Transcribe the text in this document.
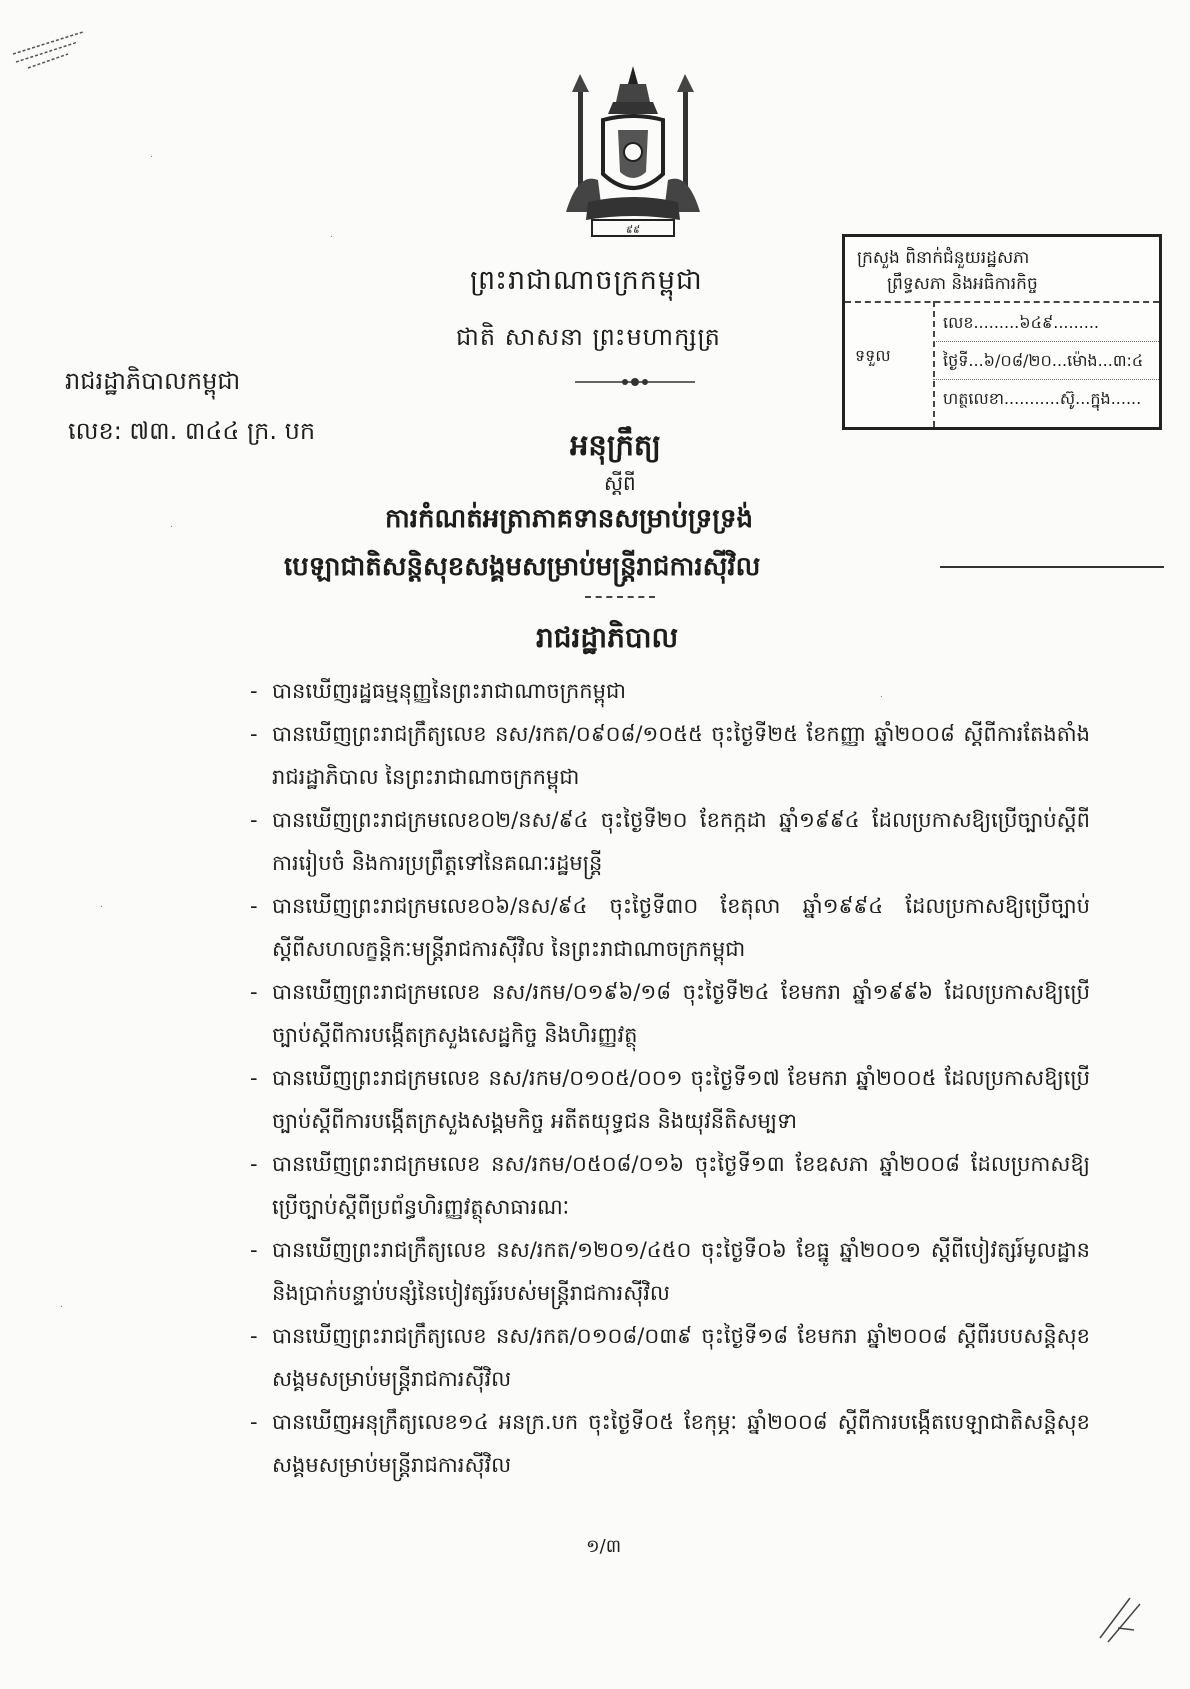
.
.
.
.
.
.
៩៩
ក្រសួង ពិនាក់ជំនួយរដ្ឋសភា
ព្រឹទ្ធសភា និងអធិការកិច្ច
ទទួល
លេខ.........៦៤៩.........
ថ្ងៃទី...៦/០៨/២០...ម៉ោង...៣:៤
ហត្ថលេខា...........ស៊ូ...ក្នុង......
ព្រះរាជាណាចក្រកម្ពុជា
ជាតិ សាសនា ព្រះមហាក្សត្រ
រាជរដ្ឋាភិបាលកម្ពុជា
លេខ: ៧៣. ៣៤៤ ក្រ. បក	អនុក្រឹត្យ
ស្តីពី
ការកំណត់អត្រាភាគទានសម្រាប់ទ្រទ្រង់
បេឡាជាតិសន្តិសុខសង្គមសម្រាប់មន្ត្រីរាជការស៊ីវិល
រាជរដ្ឋាភិបាល
- បានឃើញរដ្ឋធម្មនុញ្ញនៃព្រះរាជាណាចក្រកម្ពុជា
- បានឃើញព្រះរាជក្រឹត្យលេខ នស/រកត/០៩០៨/១០៥៥ ចុះថ្ងៃទី២៥ ខែកញ្ញា ឆ្នាំ២០០៨ ស្តីពីការតែងតាំងរាជរដ្ឋាភិបាល នៃព្រះរាជាណាចក្រកម្ពុជា
- បានឃើញព្រះរាជក្រមលេខ០២/នស/៩៤ ចុះថ្ងៃទី២០ ខែកក្កដា ឆ្នាំ១៩៩៤ ដែលប្រកាសឱ្យប្រើច្បាប់ស្តីពីការរៀបចំ និងការប្រព្រឹត្តទៅនៃគណៈរដ្ឋមន្ត្រី
- បានឃើញព្រះរាជក្រមលេខ០៦/នស/៩៤ ចុះថ្ងៃទី៣០ ខែតុលា ឆ្នាំ១៩៩៤ ដែលប្រកាសឱ្យប្រើច្បាប់ស្តីពីសហលក្ខន្តិកៈមន្ត្រីរាជការស៊ីវិល នៃព្រះរាជាណាចក្រកម្ពុជា
- បានឃើញព្រះរាជក្រមលេខ នស/រកម/០១៩៦/១៨ ចុះថ្ងៃទី២៤ ខែមករា ឆ្នាំ១៩៩៦ ដែលប្រកាសឱ្យប្រើច្បាប់ស្តីពីការបង្កើតក្រសួងសេដ្ឋកិច្ច និងហិរញ្ញវត្ថុ
- បានឃើញព្រះរាជក្រមលេខ នស/រកម/០១០៥/០០១ ចុះថ្ងៃទី១៧ ខែមករា ឆ្នាំ២០០៥ ដែលប្រកាសឱ្យប្រើច្បាប់ស្តីពីការបង្កើតក្រសួងសង្គមកិច្ច អតីតយុទ្ធជន និងយុវនីតិសម្បទា
- បានឃើញព្រះរាជក្រមលេខ នស/រកម/០៥០៨/០១៦ ចុះថ្ងៃទី១៣ ខែឧសភា ឆ្នាំ២០០៨ ដែលប្រកាសឱ្យប្រើច្បាប់ស្តីពីប្រព័ន្ធហិរញ្ញវត្ថុសាធារណៈ
- បានឃើញព្រះរាជក្រឹត្យលេខ នស/រកត/១២០១/៤៥០ ចុះថ្ងៃទី០៦ ខែធ្នូ ឆ្នាំ២០០១ ស្តីពីបៀវត្សរ៍មូលដ្ឋាន និងប្រាក់បន្ទាប់បន្សំនៃបៀវត្សរ៍របស់មន្ត្រីរាជការស៊ីវិល
- បានឃើញព្រះរាជក្រឹត្យលេខ នស/រកត/០១០៨/០៣៩ ចុះថ្ងៃទី១៨ ខែមករា ឆ្នាំ២០០៨ ស្តីពីរបបសន្តិសុខសង្គមសម្រាប់មន្ត្រីរាជការស៊ីវិល
- បានឃើញអនុក្រឹត្យលេខ១៤ អនក្រ.បក ចុះថ្ងៃទី០៥ ខែកុម្ភៈ ឆ្នាំ២០០៨ ស្តីពីការបង្កើតបេឡាជាតិសន្តិសុខសង្គមសម្រាប់មន្ត្រីរាជការស៊ីវិល
១/៣
